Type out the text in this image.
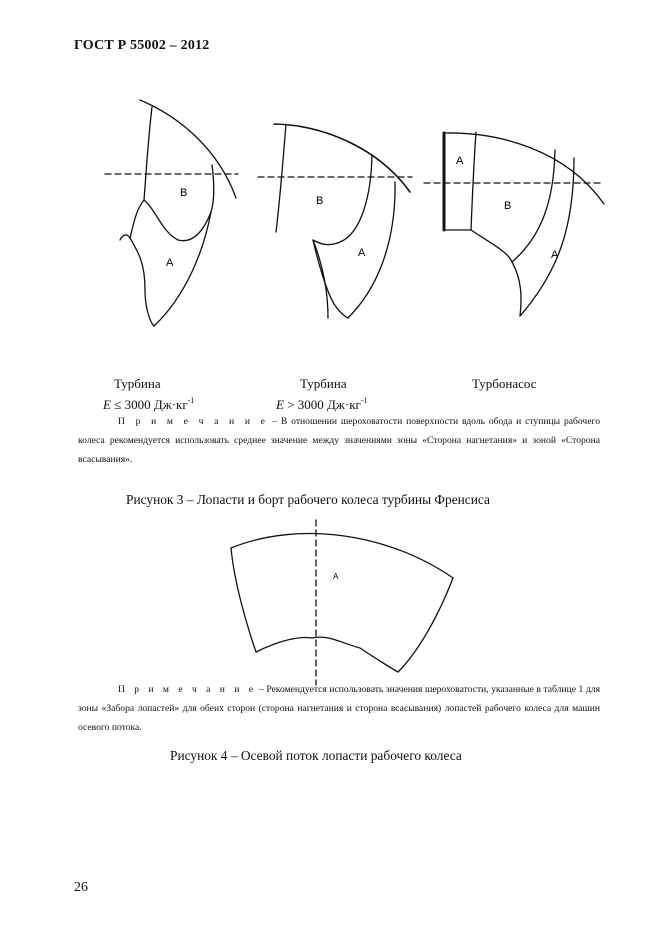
ГОСТ Р 55002 – 2012
B
A
B
A
A
B
A
A
Турбина
E ≤ 3000 $Дж\cdot кг^{-1}$
Турбина
E > 3000 $Дж\cdot кг^{-1}$
Турбонасос
П р и м е ч а н и е – В отношении шероховатости поверхности вдоль обода и ступицы рабочего колеса рекомендуется использовать среднее значение между значениями зоны «Сторона нагнетания» и зоной «Сторона всасывания».
Рисунок 3 – Лопасти и борт рабочего колеса турбины Френсиса
П р и м е ч а н и е – Рекомендуется использовать значения шероховатости, указанные в таблице 1 для зоны «Забора лопастей» для обеих сторон (сторона нагнетания и сторона всасывания) лопастей рабочего колеса для машин осевого потока.
Рисунок 4 – Осевой поток лопасти рабочего колеса
26
